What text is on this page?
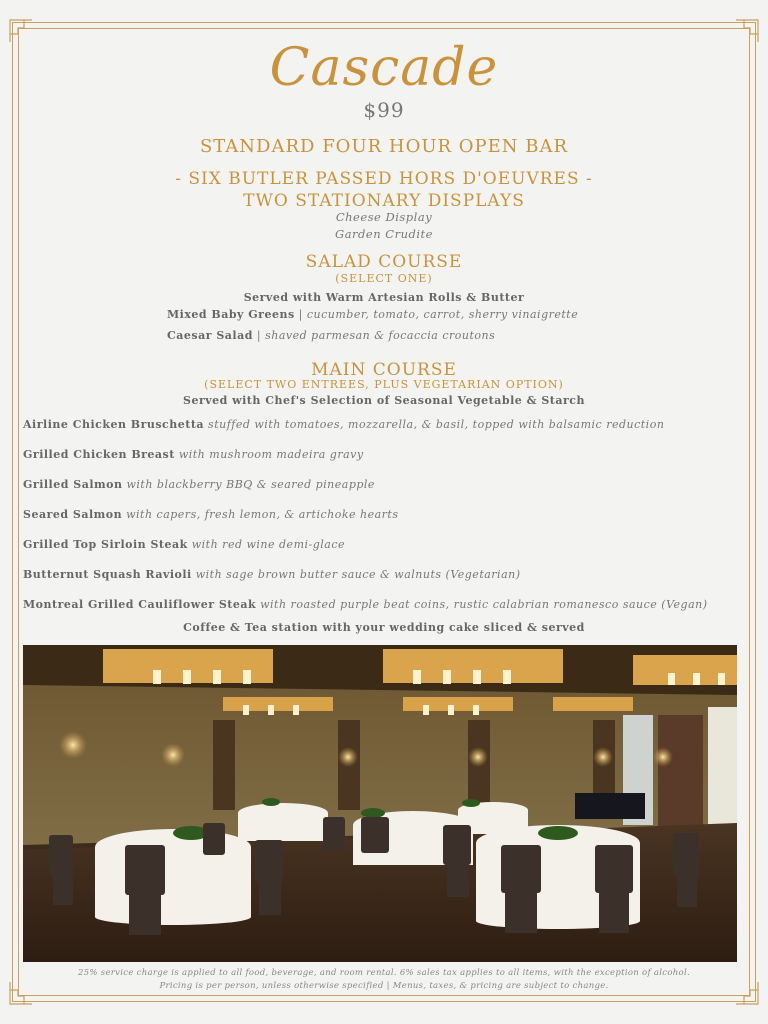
Cascade
$99
STANDARD FOUR HOUR OPEN BAR
- SIX BUTLER PASSED HORS D'OEUVRES -
TWO STATIONARY DISPLAYS
Cheese Display
Garden Crudite
SALAD COURSE
(SELECT ONE)
Served with Warm Artesian Rolls & Butter
Mixed Baby Greens | cucumber, tomato, carrot, sherry vinaigrette
Caesar Salad | shaved parmesan & focaccia croutons
MAIN COURSE
(SELECT TWO ENTREES, PLUS VEGETARIAN OPTION)
Served with Chef's Selection of Seasonal Vegetable & Starch
Airline Chicken Bruschetta stuffed with tomatoes, mozzarella, & basil, topped with balsamic reduction
Grilled Chicken Breast with mushroom madeira gravy
Grilled Salmon with blackberry BBQ & seared pineapple
Seared Salmon with capers, fresh lemon, & artichoke hearts
Grilled Top Sirloin Steak with red wine demi-glace
Butternut Squash Ravioli with sage brown butter sauce & walnuts (Vegetarian)
Montreal Grilled Cauliflower Steak with roasted purple beat coins, rustic calabrian romanesco sauce (Vegan)
Coffee & Tea station with your wedding cake sliced & served
25% service charge is applied to all food, beverage, and room rental. 6% sales tax applies to all items, with the exception of alcohol.
Pricing is per person, unless otherwise specified | Menus, taxes, & pricing are subject to change.
